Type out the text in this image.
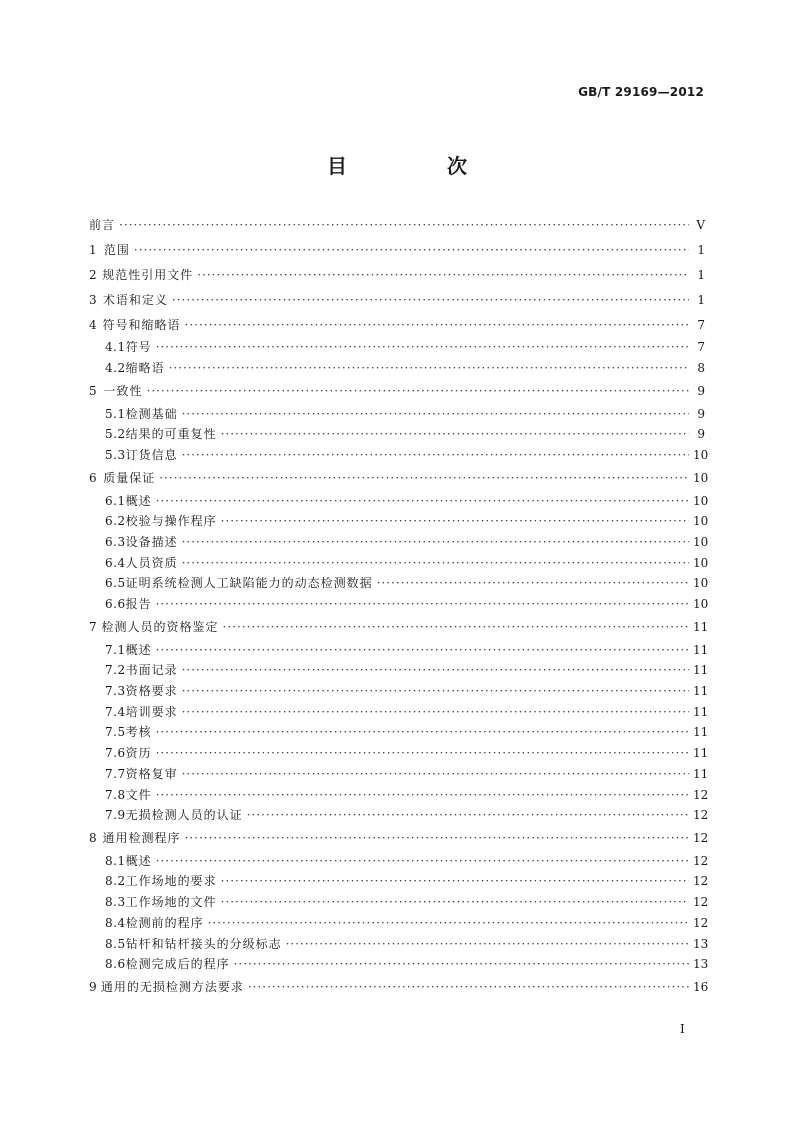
GB/T 29169—2012
目　次
前言 ·····	V
1 范围 ·····	1
2 规范性引用文件 ·····	1
3 术语和定义 ·····	1
4 符号和缩略语 ·····	7
4.1 符号 ·····	7
4.2 缩略语 ·····	8
5 一致性 ·····	9
5.1 检测基础 ·····	9
5.2 结果的可重复性 ·····	9
5.3 订货信息 ·····	10
6 质量保证 ·····	10
6.1 概述 ·····	10
6.2 校验与操作程序 ·····	10
6.3 设备描述 ·····	10
6.4 人员资质 ·····	10
6.5 证明系统检测人工缺陷能力的动态检测数据 ·····	10
6.6 报告 ·····	10
7 检测人员的资格鉴定 ·····	11
7.1 概述 ·····	11
7.2 书面记录 ·····	11
7.3 资格要求 ·····	11
7.4 培训要求 ·····	11
7.5 考核 ·····	11
7.6 资历 ·····	11
7.7 资格复审 ·····	11
7.8 文件 ·····	12
7.9 无损检测人员的认证 ·····	12
8 通用检测程序 ·····	12
8.1 概述 ·····	12
8.2 工作场地的要求 ·····	12
8.3 工作场地的文件 ·····	12
8.4 检测前的程序 ·····	12
8.5 钻杆和钻杆接头的分级标志 ·····	13
8.6 检测完成后的程序 ·····	13
9 通用的无损检测方法要求 ·····	16
I
